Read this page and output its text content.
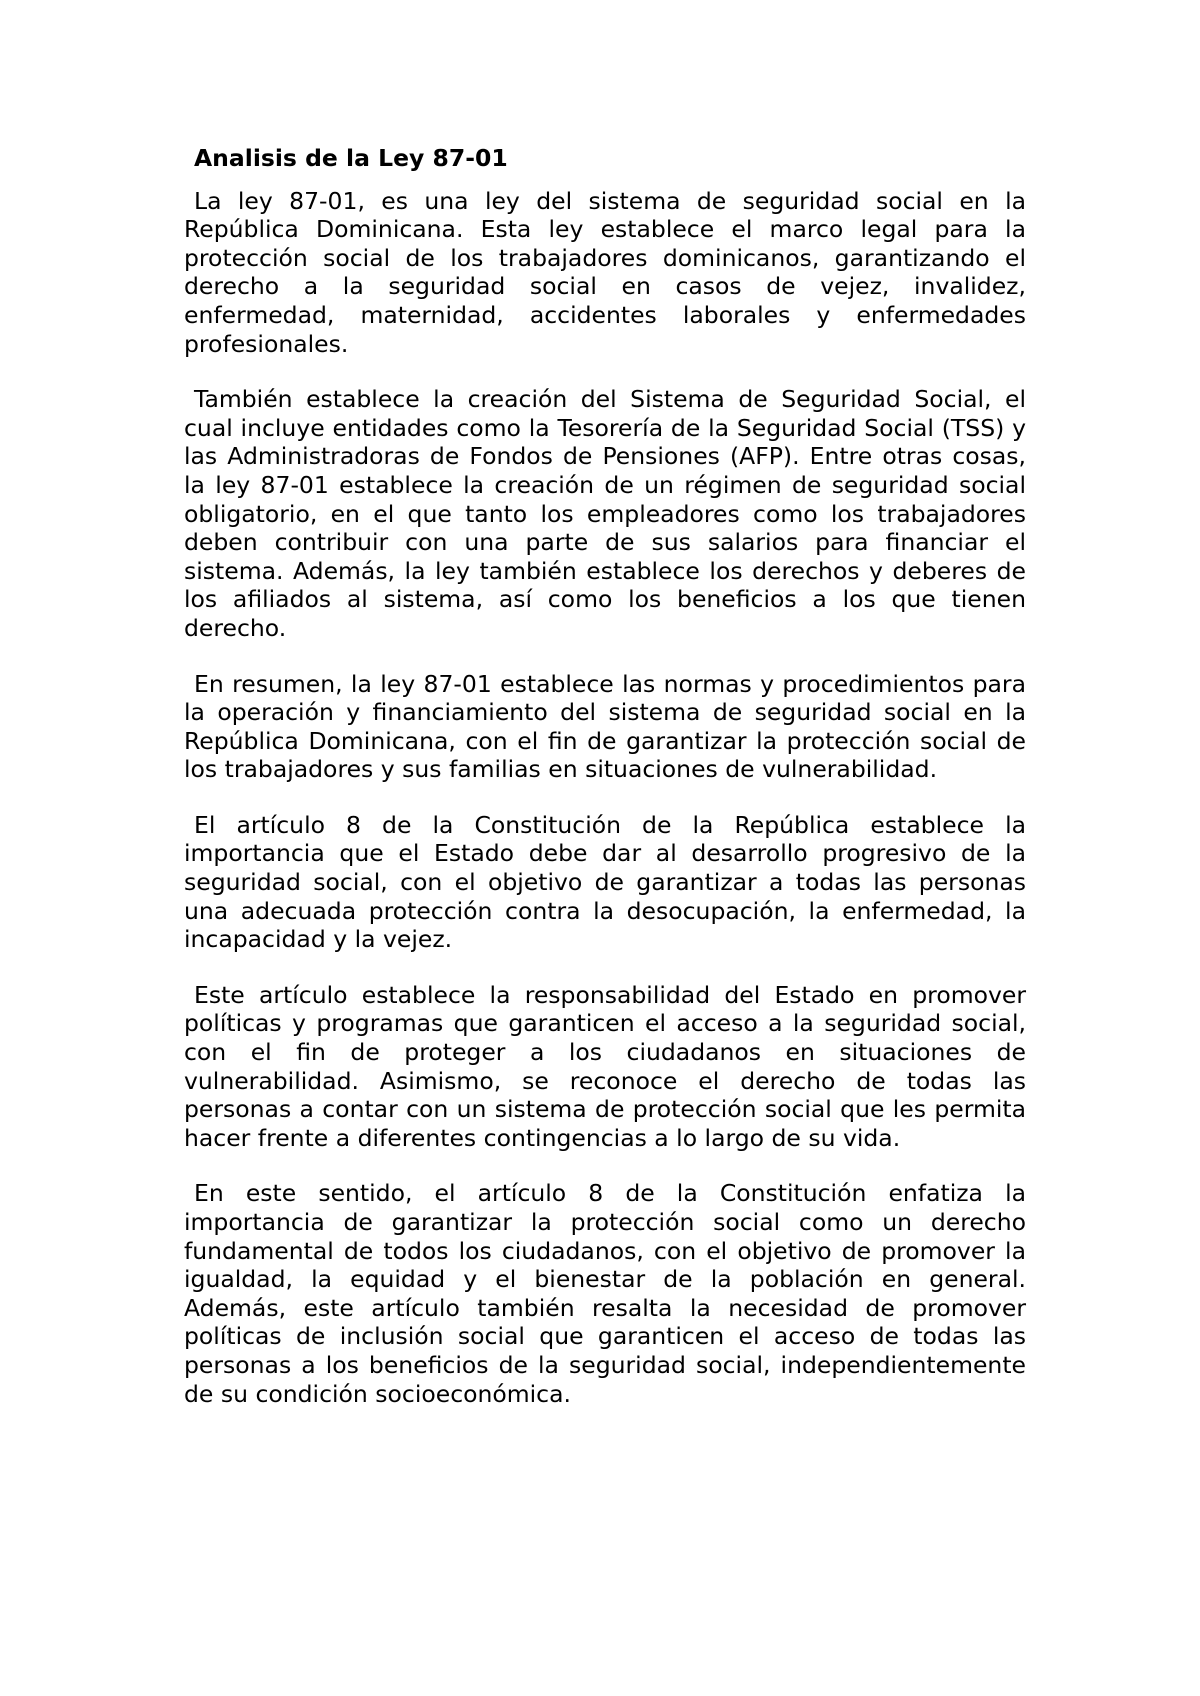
Analisis de la Ley 87-01

La ley 87-01, es una ley del sistema de seguridad social en la República Dominicana. Esta ley establece el marco legal para la protección social de los trabajadores dominicanos, garantizando el derecho a la seguridad social en casos de vejez, invalidez, enfermedad, maternidad, accidentes laborales y enfermedades profesionales.

También establece la creación del Sistema de Seguridad Social, el cual incluye entidades como la Tesorería de la Seguridad Social (TSS) y las Administradoras de Fondos de Pensiones (AFP). Entre otras cosas, la ley 87-01 establece la creación de un régimen de seguridad social obligatorio, en el que tanto los empleadores como los trabajadores deben contribuir con una parte de sus salarios para financiar el sistema. Además, la ley también establece los derechos y deberes de los afiliados al sistema, así como los beneficios a los que tienen derecho.

En resumen, la ley 87-01 establece las normas y procedimientos para la operación y financiamiento del sistema de seguridad social en la República Dominicana, con el fin de garantizar la protección social de los trabajadores y sus familias en situaciones de vulnerabilidad.

El artículo 8 de la Constitución de la República establece la importancia que el Estado debe dar al desarrollo progresivo de la seguridad social, con el objetivo de garantizar a todas las personas una adecuada protección contra la desocupación, la enfermedad, la incapacidad y la vejez.

Este artículo establece la responsabilidad del Estado en promover políticas y programas que garanticen el acceso a la seguridad social, con el fin de proteger a los ciudadanos en situaciones de vulnerabilidad. Asimismo, se reconoce el derecho de todas las personas a contar con un sistema de protección social que les permita hacer frente a diferentes contingencias a lo largo de su vida.

En este sentido, el artículo 8 de la Constitución enfatiza la importancia de garantizar la protección social como un derecho fundamental de todos los ciudadanos, con el objetivo de promover la igualdad, la equidad y el bienestar de la población en general. Además, este artículo también resalta la necesidad de promover políticas de inclusión social que garanticen el acceso de todas las personas a los beneficios de la seguridad social, independientemente de su condición socioeconómica.
